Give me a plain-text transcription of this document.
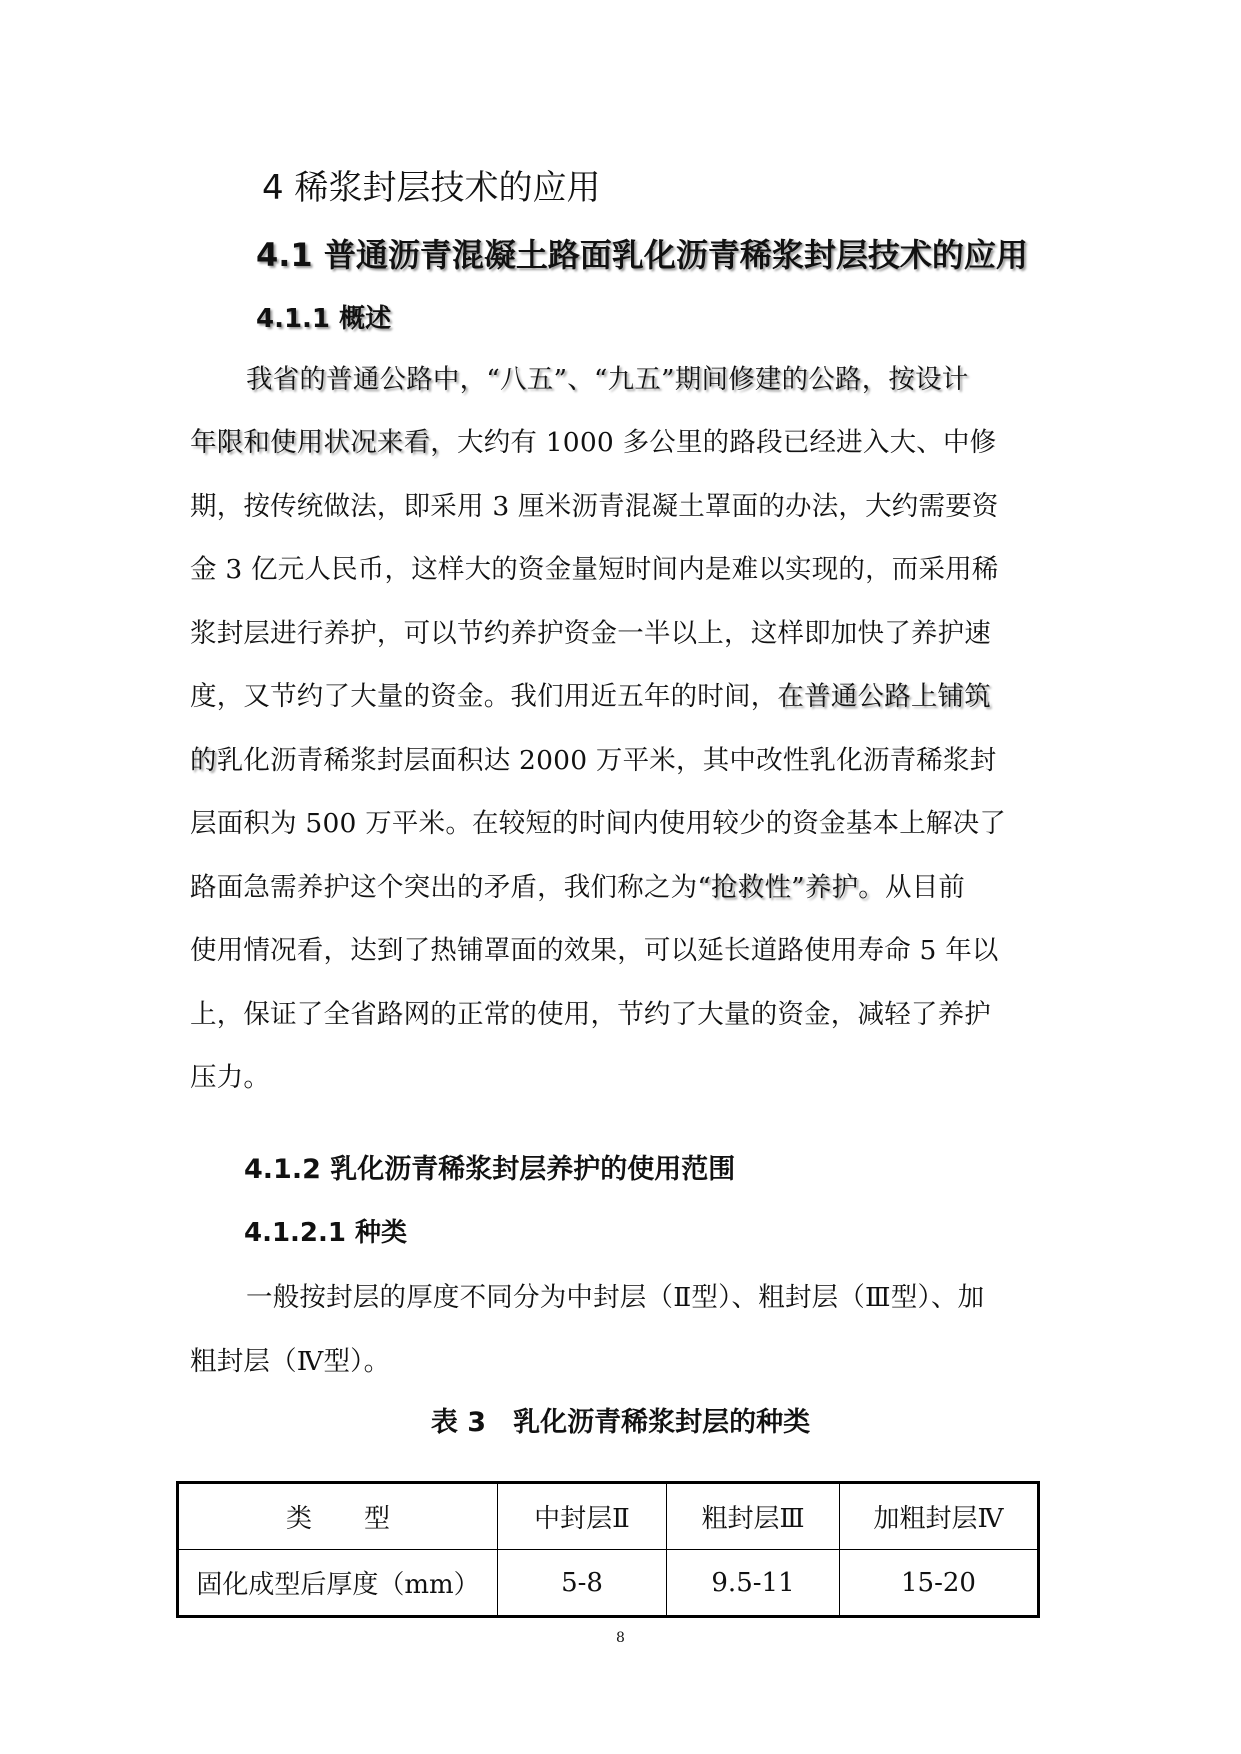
4 稀浆封层技术的应用
4.1 普通沥青混凝土路面乳化沥青稀浆封层技术的应用
4.1.1 概述
我省的普通公路中，“八五”、“九五”期间修建的公路，按设计
年限和使用状况来看，大约有 1000 多公里的路段已经进入大、中修
期，按传统做法，即采用 3 厘米沥青混凝土罩面的办法，大约需要资
金 3 亿元人民币，这样大的资金量短时间内是难以实现的，而采用稀
浆封层进行养护，可以节约养护资金一半以上，这样即加快了养护速
度，又节约了大量的资金。我们用近五年的时间，在普通公路上铺筑
的乳化沥青稀浆封层面积达 2000 万平米，其中改性乳化沥青稀浆封
层面积为 500 万平米。在较短的时间内使用较少的资金基本上解决了
路面急需养护这个突出的矛盾，我们称之为“抢救性”养护。从目前
使用情况看，达到了热铺罩面的效果，可以延长道路使用寿命 5 年以
上，保证了全省路网的正常的使用，节约了大量的资金，减轻了养护
压力。
4.1.2 乳化沥青稀浆封层养护的使用范围
4.1.2.1 种类
一般按封层的厚度不同分为中封层（Ⅱ型）、粗封层（Ⅲ型）、加
粗封层（Ⅳ型）。
表 3　乳化沥青稀浆封层的种类
类　　型	中封层Ⅱ	粗封层Ⅲ	加粗封层Ⅳ
固化成型后厚度（mm）	5-8	9.5-11	15-20
8
